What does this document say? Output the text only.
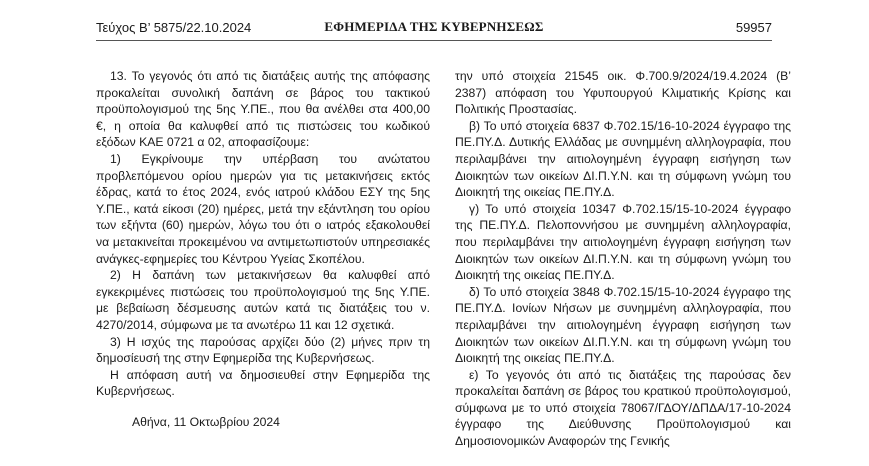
Τεύχος Β’ 5875/22.10.2024	ΕΦΗΜΕΡΙΔΑ ΤΗΣ ΚΥΒΕΡΝΗΣΕΩΣ	59957

13. Το γεγονός ότι από τις διατάξεις αυτής της απόφασης προκαλείται συνολική δαπάνη σε βάρος του τακτικού προϋπολογισμού της 5ης Υ.ΠΕ., που θα ανέλθει στα 400,00 €, η οποία θα καλυφθεί από τις πιστώσεις του κωδικού εξόδων ΚΑΕ 0721 α 02, αποφασίζουμε:

1) Εγκρίνουμε την υπέρβαση του ανώτατου προβλεπόμενου ορίου ημερών για τις μετακινήσεις εκτός έδρας, κατά το έτος 2024, ενός ιατρού κλάδου ΕΣΥ της 5ης Υ.ΠΕ., κατά είκοσι (20) ημέρες, μετά την εξάντληση του ορίου των εξήντα (60) ημερών, λόγω του ότι ο ιατρός εξακολουθεί να μετακινείται προκειμένου να αντιμετωπιστούν υπηρεσιακές ανάγκες-εφημερίες του Κέντρου Υγείας Σκοπέλου.

2) Η δαπάνη των μετακινήσεων θα καλυφθεί από εγκεκριμένες πιστώσεις του προϋπολογισμού της 5ης Υ.ΠΕ. με βεβαίωση δέσμευσης αυτών κατά τις διατάξεις του ν. 4270/2014, σύμφωνα με τα ανωτέρω 11 και 12 σχετικά.

3) Η ισχύς της παρούσας αρχίζει δύο (2) μήνες πριν τη δημοσίευσή της στην Εφημερίδα της Κυβερνήσεως.

Η απόφαση αυτή να δημοσιευθεί στην Εφημερίδα της Κυβερνήσεως.

Αθήνα, 11 Οκτωβρίου 2024

την υπό στοιχεία 21545 οικ. Φ.700.9/2024/19.4.2024 (Β’ 2387) απόφαση του Υφυπουργού Κλιματικής Κρίσης και Πολιτικής Προστασίας.

β) Το υπό στοιχεία 6837 Φ.702.15/16-10-2024 έγγραφο της ΠΕ.ΠΥ.Δ. Δυτικής Ελλάδας με συνημμένη αλληλογραφία, που περιλαμβάνει την αιτιολογημένη έγγραφη εισήγηση των Διοικητών των οικείων ΔΙ.Π.Υ.Ν. και τη σύμφωνη γνώμη του Διοικητή της οικείας ΠΕ.ΠΥ.Δ.

γ) Το υπό στοιχεία 10347 Φ.702.15/15-10-2024 έγγραφο της ΠΕ.ΠΥ.Δ. Πελοποννήσου με συνημμένη αλληλογραφία, που περιλαμβάνει την αιτιολογημένη έγγραφη εισήγηση των Διοικητών των οικείων ΔΙ.Π.Υ.Ν. και τη σύμφωνη γνώμη του Διοικητή της οικείας ΠΕ.ΠΥ.Δ.

δ) Το υπό στοιχεία 3848 Φ.702.15/15-10-2024 έγγραφο της ΠΕ.ΠΥ.Δ. Ιονίων Νήσων με συνημμένη αλληλογραφία, που περιλαμβάνει την αιτιολογημένη έγγραφη εισήγηση των Διοικητών των οικείων ΔΙ.Π.Υ.Ν. και τη σύμφωνη γνώμη του Διοικητή της οικείας ΠΕ.ΠΥ.Δ.

ε) Το γεγονός ότι από τις διατάξεις της παρούσας δεν προκαλείται δαπάνη σε βάρος του κρατικού προϋπολογισμού, σύμφωνα με το υπό στοιχεία 78067/ΓΔΟΥ/ΔΠΔΑ/17-10-2024 έγγραφο της Διεύθυνσης Προϋπολογισμού και Δημοσιονομικών Αναφορών της Γενικής
